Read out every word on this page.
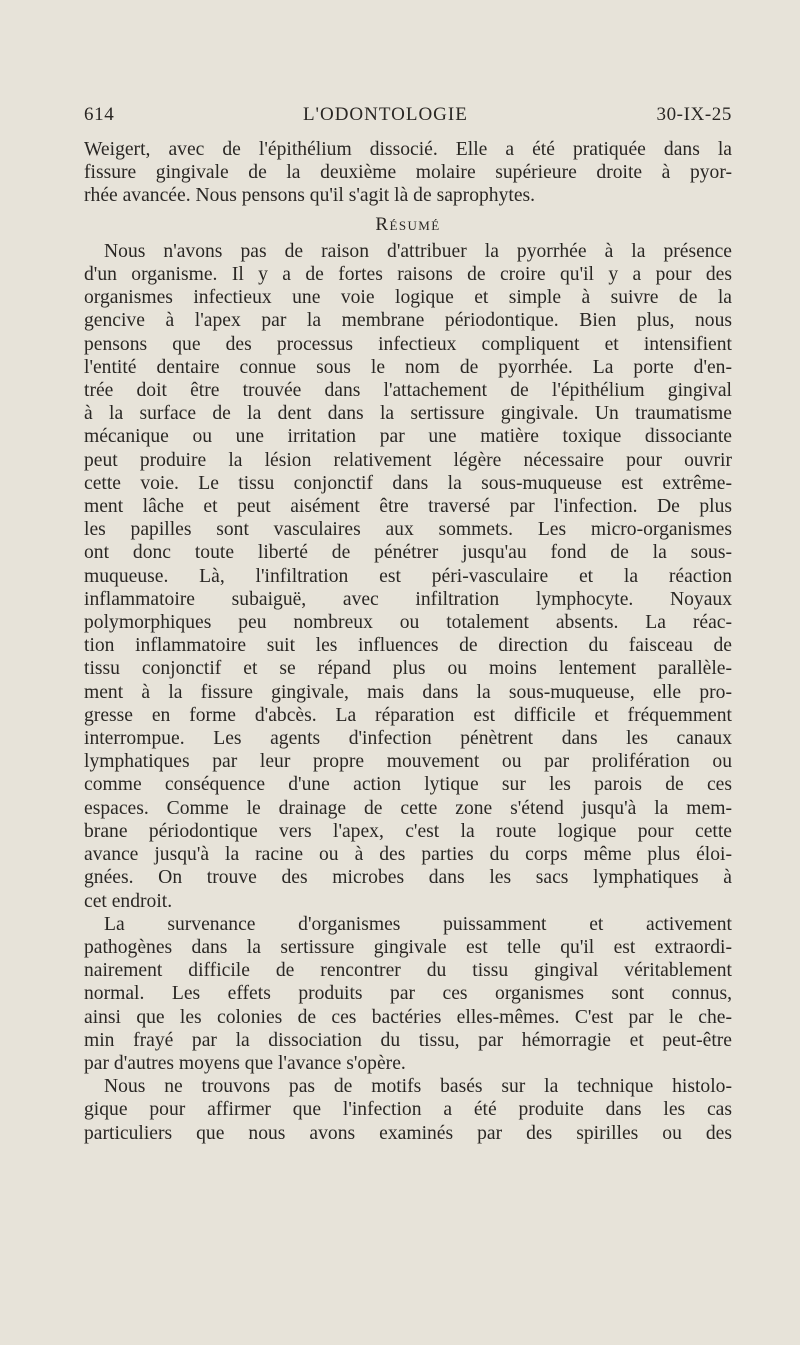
614	L'ODONTOLOGIE	30-IX-25
Weigert, avec de l'épithélium dissocié. Elle a été pratiquée dans la
fissure gingivale de la deuxième molaire supérieure droite à pyor-
rhée avancée. Nous pensons qu'il s'agit là de saprophytes.
Résumé
Nous n'avons pas de raison d'attribuer la pyorrhée à la présence
d'un organisme. Il y a de fortes raisons de croire qu'il y a pour des
organismes infectieux une voie logique et simple à suivre de la
gencive à l'apex par la membrane périodontique. Bien plus, nous
pensons que des processus infectieux compliquent et intensifient
l'entité dentaire connue sous le nom de pyorrhée. La porte d'en-
trée doit être trouvée dans l'attachement de l'épithélium gingival
à la surface de la dent dans la sertissure gingivale. Un traumatisme
mécanique ou une irritation par une matière toxique dissociante
peut produire la lésion relativement légère nécessaire pour ouvrir
cette voie. Le tissu conjonctif dans la sous-muqueuse est extrême-
ment lâche et peut aisément être traversé par l'infection. De plus
les papilles sont vasculaires aux sommets. Les micro-organismes
ont donc toute liberté de pénétrer jusqu'au fond de la sous-
muqueuse. Là, l'infiltration est péri-vasculaire et la réaction
inflammatoire subaiguë, avec infiltration lymphocyte. Noyaux
polymorphiques peu nombreux ou totalement absents. La réac-
tion inflammatoire suit les influences de direction du faisceau de
tissu conjonctif et se répand plus ou moins lentement parallèle-
ment à la fissure gingivale, mais dans la sous-muqueuse, elle pro-
gresse en forme d'abcès. La réparation est difficile et fréquemment
interrompue. Les agents d'infection pénètrent dans les canaux
lymphatiques par leur propre mouvement ou par prolifération ou
comme conséquence d'une action lytique sur les parois de ces
espaces. Comme le drainage de cette zone s'étend jusqu'à la mem-
brane périodontique vers l'apex, c'est la route logique pour cette
avance jusqu'à la racine ou à des parties du corps même plus éloi-
gnées. On trouve des microbes dans les sacs lymphatiques à
cet endroit.
La survenance d'organismes puissamment et activement
pathogènes dans la sertissure gingivale est telle qu'il est extraordi-
nairement difficile de rencontrer du tissu gingival véritablement
normal. Les effets produits par ces organismes sont connus,
ainsi que les colonies de ces bactéries elles-mêmes. C'est par le che-
min frayé par la dissociation du tissu, par hémorragie et peut-être
par d'autres moyens que l'avance s'opère.
Nous ne trouvons pas de motifs basés sur la technique histolo-
gique pour affirmer que l'infection a été produite dans les cas
particuliers que nous avons examinés par des spirilles ou des
